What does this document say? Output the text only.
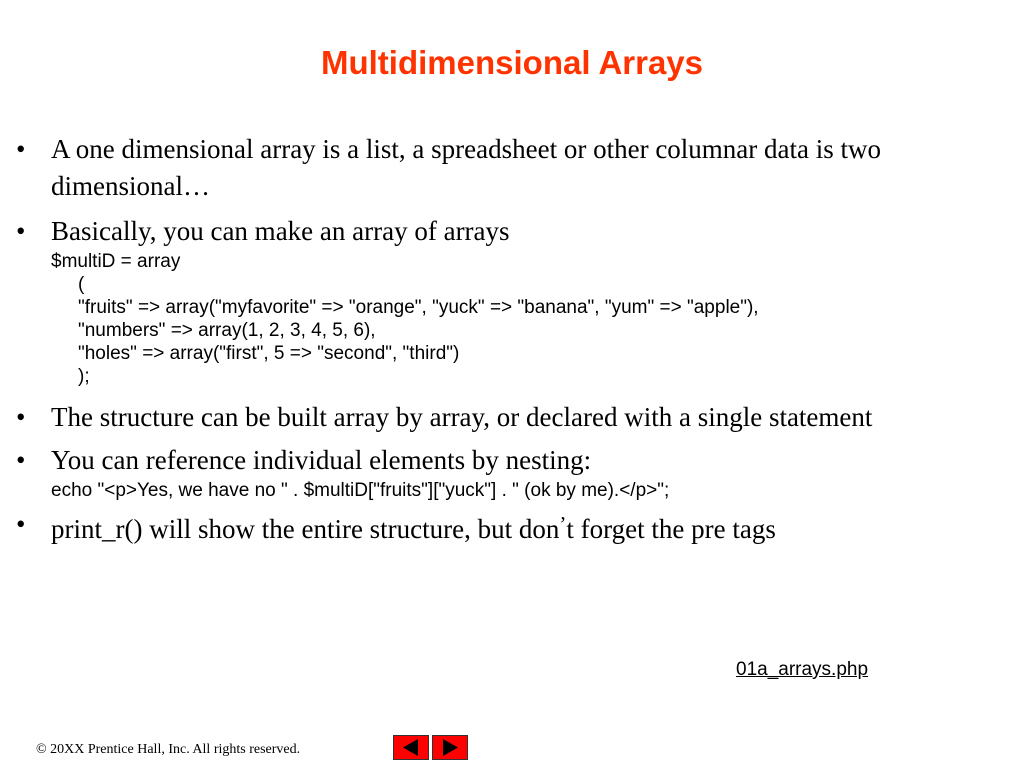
Multidimensional Arrays
• A one dimensional array is a list, a spreadsheet or other columnar data is two dimensional…
• Basically, you can make an array of arrays
$multiD = array
(
"fruits" => array("myfavorite" => "orange", "yuck" => "banana", "yum" => "apple"),
"numbers" => array(1, 2, 3, 4, 5, 6),
"holes" => array("first", 5 => "second", "third")
);
• The structure can be built array by array, or declared with a single statement
• You can reference individual elements by nesting:
echo "<p>Yes, we have no " . $multiD["fruits"]["yuck"] . " (ok by me).</p>";
• print_r() will show the entire structure, but don’t forget the pre tags
01a_arrays.php
© 20XX Prentice Hall, Inc. All rights reserved.
